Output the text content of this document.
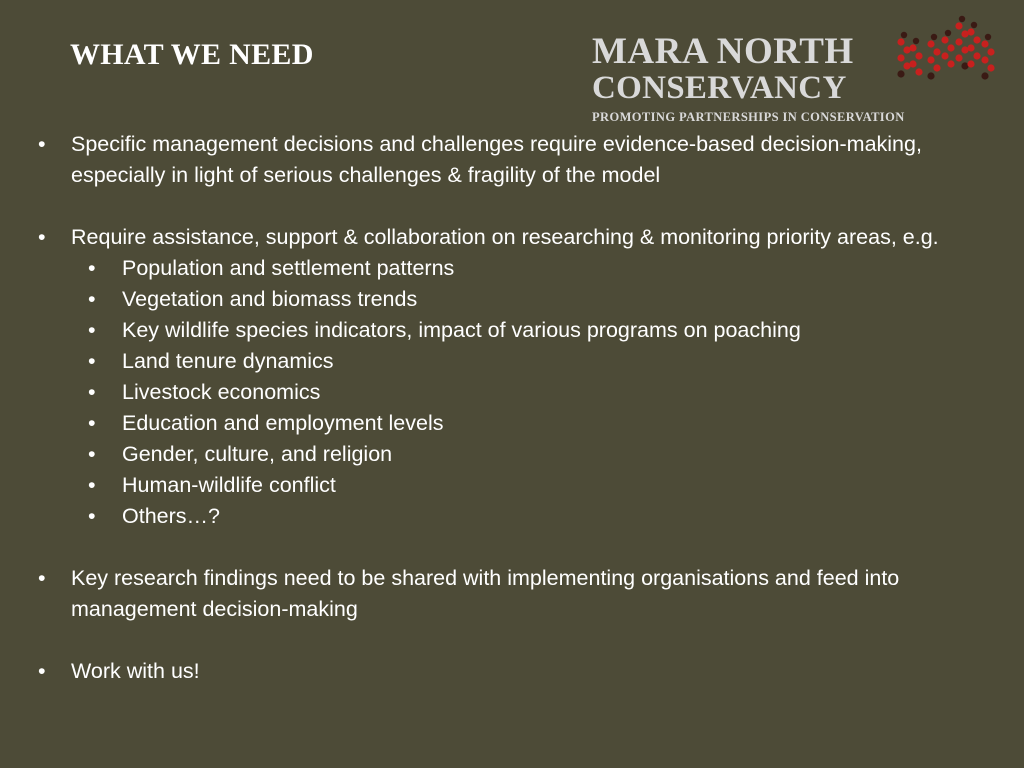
WHAT WE NEED	MARA NORTH
CONSERVANCY
PROMOTING PARTNERSHIPS IN CONSERVATION
• Specific management decisions and challenges require evidence-based decision-making, especially in light of serious challenges & fragility of the model
• Require assistance, support & collaboration on researching & monitoring priority areas, e.g.
• Population and settlement patterns
• Vegetation and biomass trends
• Key wildlife species indicators, impact of various programs on poaching
• Land tenure dynamics
• Livestock economics
• Education and employment levels
• Gender, culture, and religion
• Human-wildlife conflict
• Others…?
• Key research findings need to be shared with implementing organisations and feed into management decision-making
• Work with us!
